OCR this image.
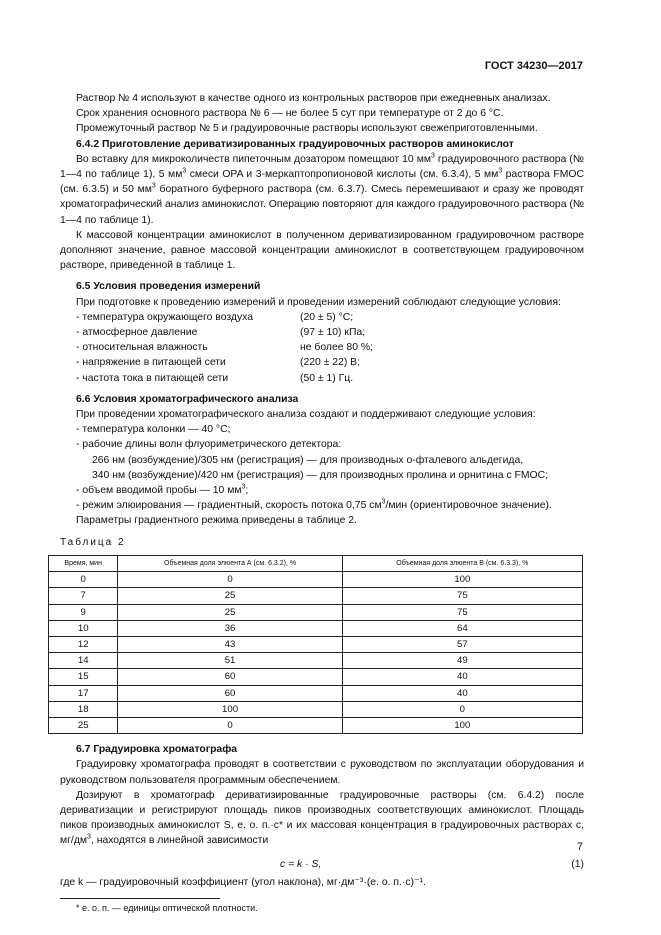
ГОСТ 34230—2017

Раствор № 4 используют в качестве одного из контрольных растворов при ежедневных анализах.

Срок хранения основного раствора № 6 — не более 5 сут при температуре от 2 до 6 °С.

Промежуточный раствор № 5 и градуировочные растворы используют свежеприготовленными.

6.4.2 Приготовление дериватизированных градуировочных растворов аминокислот

Во вставку для микроколичеств пипеточным дозатором помещают 10 $мм^3$ градуировочного раствора (№ 1—4 по таблице 1), 5 $мм^3$ смеси OPA и 3-меркаптопропионовой кислоты (см. 6.3.4), 5 $мм^3$ раствора FMOC (см. 6.3.5) и 50 $мм^3$ боратного буферного раствора (см. 6.3.7). Смесь перемешивают и сразу же проводят хроматографический анализ аминокислот. Операцию повторяют для каждого градуировочного раствора (№ 1—4 по таблице 1).

К массовой концентрации аминокислот в полученном дериватизированном градуировочном растворе дополняют значение, равное массовой концентрации аминокислот в соответствующем градуировочном растворе, приведенной в таблице 1.

6.5 Условия проведения измерений

При подготовке к проведению измерений и проведении измерений соблюдают следующие условия:

- температура окружающего воздуха	(20 ± 5) °С;
- атмосферное давление	(97 ± 10) кПа;
- относительная влажность	не более 80 %;
- напряжение в питающей сети	(220 ± 22) В;
- частота тока в питающей сети	(50 ± 1) Гц.

6.6 Условия хроматографического анализа

При проведении хроматографического анализа создают и поддерживают следующие условия:

- температура колонки — 40 °С;

- рабочие длины волн флуориметрического детектора:

266 нм (возбуждение)/305 нм (регистрация) — для производных о-фталевого альдегида,

340 нм (возбуждение)/420 нм (регистрация) — для производных пролина и орнитина с FMOC;

- объем вводимой пробы — 10 $мм^3$;

- режим элюирования — градиентный, скорость потока 0,75 $см^3$/мин (ориентировочное значение).

Параметры градиентного режима приведены в таблице 2.

Таблица 2
Время, мин	Объемная доля элюента А (см. 6.3.2), %	Объемная доля элюента В (см. 6.3.3), %
0	0	100
7	25	75
9	25	75
10	36	64
12	43	57
14	51	49
15	60	40
17	60	40
18	100	0
25	0	100

6.7 Градуировка хроматографа

Градуировку хроматографа проводят в соответствии с руководством по эксплуатации оборудования и руководством пользователя программным обеспечением.

Дозируют в хроматограф дериватизированные градуировочные растворы (см. 6.4.2) после дериватизации и регистрируют площадь пиков производных соответствующих аминокислот. Площадь пиков производных аминокислот S, е. о. п.·с* и их массовая концентрация в градуировочных растворах с, $мг/дм^3$, находятся в линейной зависимости

c = k · S,	(1)

где k — градуировочный коэффициент (угол наклона), мг·дм⁻³·(е. о. п.·с)⁻¹.

* е. о. п. — единицы оптической плотности.

7
